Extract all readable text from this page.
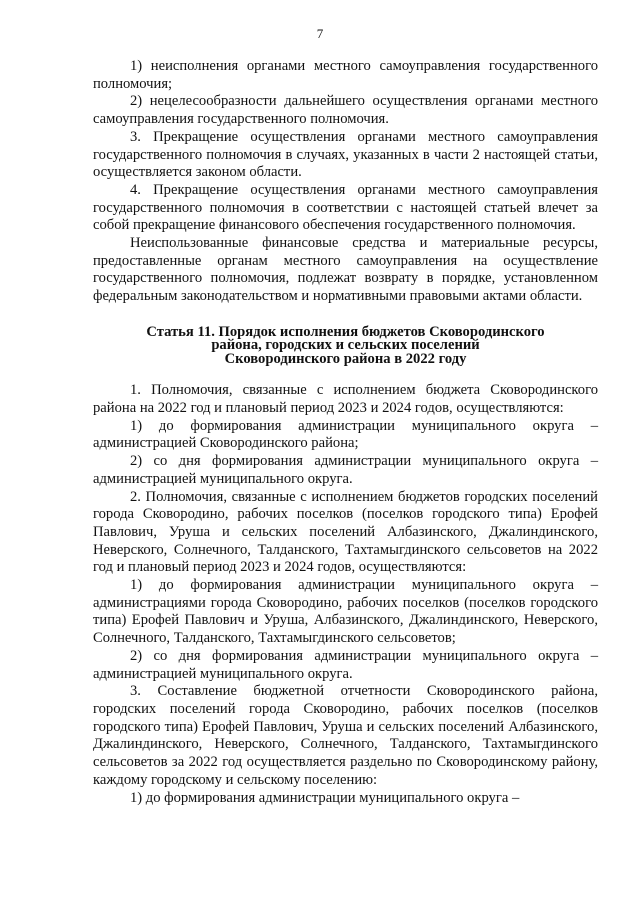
7

1) неисполнения органами местного самоуправления государственного полномочия;

2) нецелесообразности дальнейшего осуществления органами местного самоуправления государственного полномочия.

3. Прекращение осуществления органами местного самоуправления государственного полномочия в случаях, указанных в части 2 настоящей статьи, осуществляется законом области.

4. Прекращение осуществления органами местного самоуправления государственного полномочия в соответствии с настоящей статьей влечет за собой прекращение финансового обеспечения государственного полномочия.

Неиспользованные финансовые средства и материальные ресурсы, предоставленные органам местного самоуправления на осуществление государственного полномочия, подлежат возврату в порядке, установленном федеральным законодательством и нормативными правовыми актами области.

Статья 11. Порядок исполнения бюджетов Сковородинского
района, городских и сельских поселений
Сковородинского района в 2022 году

1. Полномочия, связанные с исполнением бюджета Сковородинского района на 2022 год и плановый период 2023 и 2024 годов, осуществляются:

1) до формирования администрации муниципального округа – администрацией Сковородинского района;

2) со дня формирования администрации муниципального округа – администрацией муниципального округа.

2. Полномочия, связанные с исполнением бюджетов городских поселений города Сковородино, рабочих поселков (поселков городского типа) Ерофей Павлович, Уруша и сельских поселений Албазинского, Джалиндинского, Неверского, Солнечного, Талданского, Тахтамыгдинского сельсоветов на 2022 год и плановый период 2023 и 2024 годов, осуществляются:

1) до формирования администрации муниципального округа – администрациями города Сковородино, рабочих поселков (поселков городского типа) Ерофей Павлович и Уруша, Албазинского, Джалиндинского, Неверского, Солнечного, Талданского, Тахтамыгдинского сельсоветов;

2) со дня формирования администрации муниципального округа – администрацией муниципального округа.

3. Составление бюджетной отчетности Сковородинского района, городских поселений города Сковородино, рабочих поселков (поселков городского типа) Ерофей Павлович, Уруша и сельских поселений Албазинского, Джалиндинского, Неверского, Солнечного, Талданского, Тахтамыгдинского сельсоветов за 2022 год осуществляется раздельно по Сковородинскому району, каждому городскому и сельскому поселению:

1) до формирования администрации муниципального округа –
